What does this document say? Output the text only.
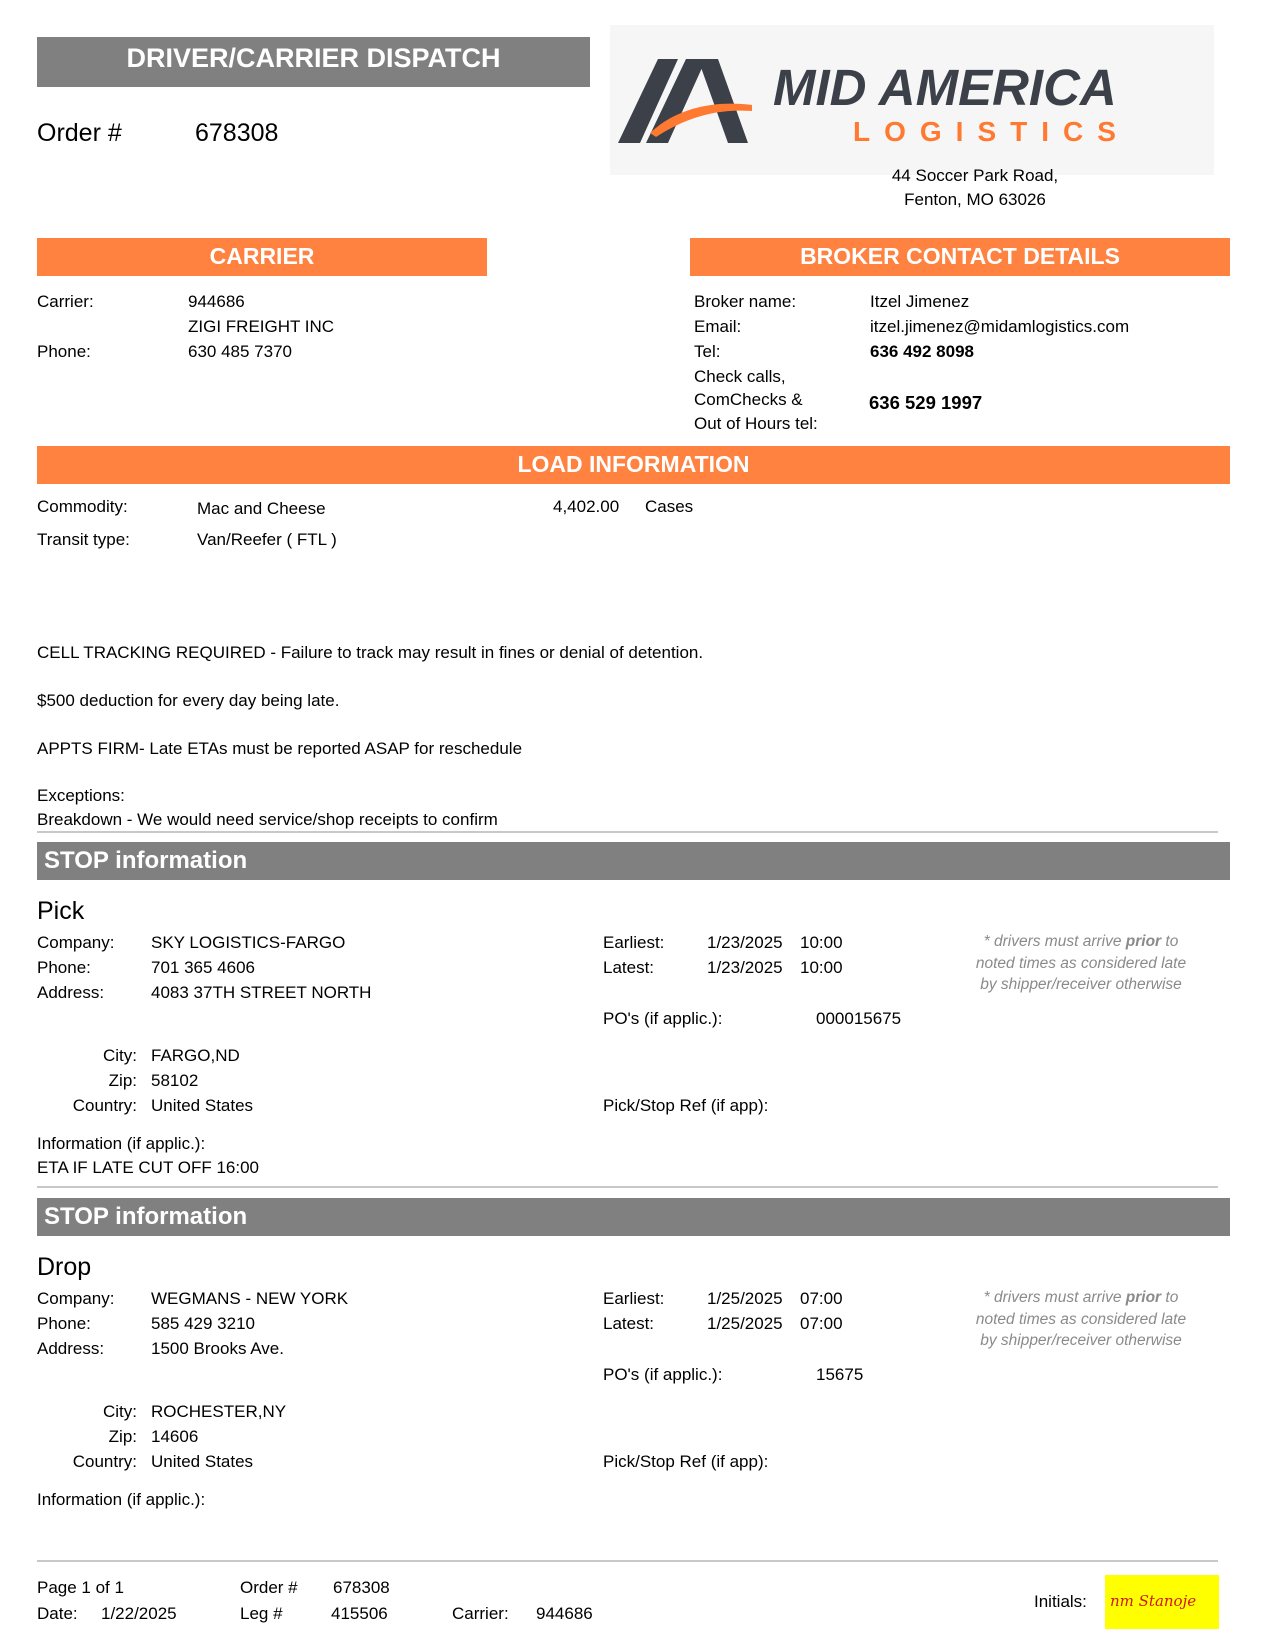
DRIVER/CARRIER DISPATCH
Order #	678308
MID AMERICA
LOGISTICS
44 Soccer Park Road,
Fenton, MO 63026
CARRIER
Carrier:	944686
ZIGI FREIGHT INC
Phone:	630 485 7370
BROKER CONTACT DETAILS
Broker name:	Itzel Jimenez
Email:	itzel.jimenez@midamlogistics.com
Tel:	636 492 8098
Check calls,
ComChecks &
Out of Hours tel:
636 529 1997
LOAD INFORMATION
Commodity:	Mac and Cheese	4,402.00 Cases
Transit type:	Van/Reefer ( FTL )
CELL TRACKING REQUIRED - Failure to track may result in fines or denial of detention.
$500 deduction for every day being late.
APPTS FIRM- Late ETAs must be reported ASAP for reschedule
Exceptions:
Breakdown - We would need service/shop receipts to confirm
STOP information
Pick
Company: SKY LOGISTICS-FARGO
Phone:	701 365 4606
Address:	4083 37TH STREET NORTH
City: FARGO,ND
Zip: 58102
Country: United States
Earliest:	1/23/2025 10:00
Latest:	1/23/2025 10:00
PO's (if applic.):	000015675
Pick/Stop Ref (if app):
* drivers must arrive prior to
noted times as considered late
by shipper/receiver otherwise
Information (if applic.):
ETA IF LATE CUT OFF 16:00
STOP information
Drop
Company: WEGMANS - NEW YORK
Phone:	585 429 3210
Address:	1500 Brooks Ave.
City: ROCHESTER,NY
Zip: 14606
Country: United States
Earliest:	1/25/2025 07:00
Latest:	1/25/2025 07:00
PO's (if applic.):	15675
Pick/Stop Ref (if app):
* drivers must arrive prior to
noted times as considered late
by shipper/receiver otherwise
Information (if applic.):
Page 1 of 1
Date: 1/22/2025
Order # 678308
Leg #	415506	Carrier: 944686
Initials: nm Stanoje
